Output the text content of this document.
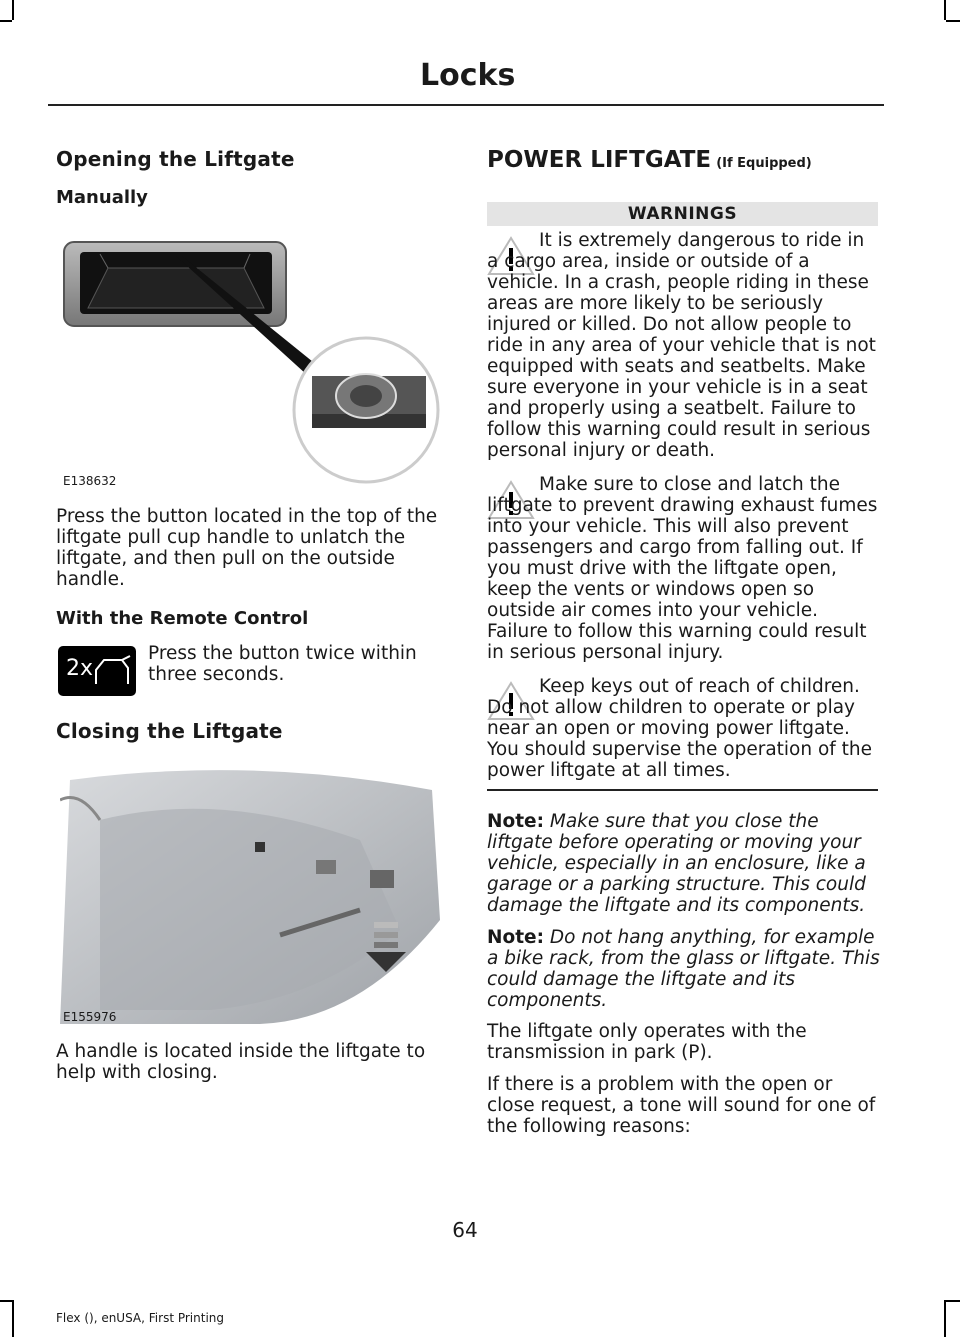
Locks
Opening the Liftgate
Manually
E138632
Press the button located in the top of the liftgate pull cup handle to unlatch the liftgate, and then pull on the outside handle.
With the Remote Control
2x
Press the button twice within three seconds.
Closing the Liftgate
E155976
A handle is located inside the liftgate to help with closing.
POWER LIFTGATE (If Equipped)
WARNINGS
It is extremely dangerous to ride in a cargo area, inside or outside of a vehicle. In a crash, people riding in these areas are more likely to be seriously injured or killed. Do not allow people to ride in any area of your vehicle that is not equipped with seats and seatbelts. Make sure everyone in your vehicle is in a seat and properly using a seatbelt. Failure to follow this warning could result in serious personal injury or death.
Make sure to close and latch the liftgate to prevent drawing exhaust fumes into your vehicle. This will also prevent passengers and cargo from falling out. If you must drive with the liftgate open, keep the vents or windows open so outside air comes into your vehicle. Failure to follow this warning could result in serious personal injury.
Keep keys out of reach of children. Do not allow children to operate or play near an open or moving power liftgate. You should supervise the operation of the power liftgate at all times.
Note: Make sure that you close the liftgate before operating or moving your vehicle, especially in an enclosure, like a garage or a parking structure. This could damage the liftgate and its components.
Note: Do not hang anything, for example a bike rack, from the glass or liftgate. This could damage the liftgate and its components.
The liftgate only operates with the transmission in park (P).
If there is a problem with the open or close request, a tone will sound for one of the following reasons:
64
Flex (), enUSA, First Printing
